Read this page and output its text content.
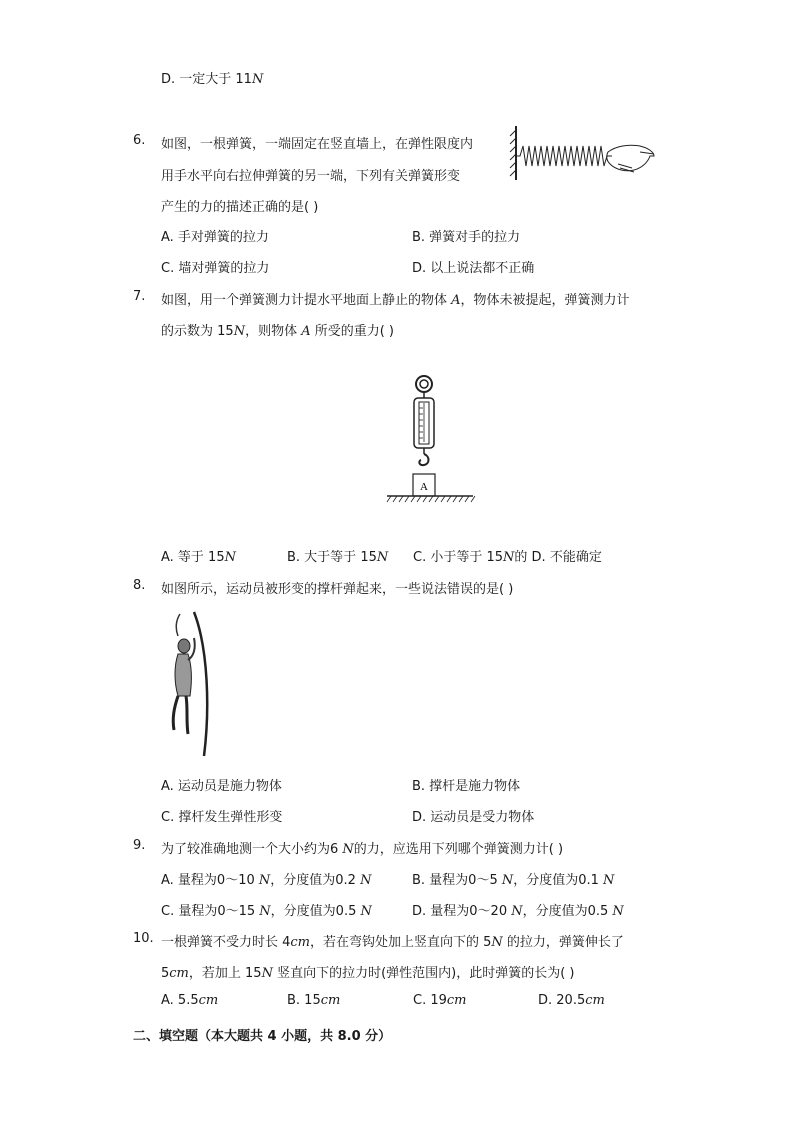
D. 一定大于 11N
6. 如图，一根弹簧，一端固定在竖直墙上，在弹性限度内
用手水平向右拉伸弹簧的另一端，下列有关弹簧形变
产生的力的描述正确的是( )
A. 手对弹簧的拉力	B. 弹簧对手的拉力
C. 墙对弹簧的拉力	D. 以上说法都不正确
7. 如图，用一个弹簧测力计提水平地面上静止的物体 A，物体未被提起，弹簧测力计
的示数为 15N，则物体 A 所受的重力( )
A
A. 等于 15N	B. 大于等于 15N C. 小于等于 15N的 D. 不能确定
8. 如图所示，运动员被形变的撑杆弹起来，一些说法错误的是( )
A. 运动员是施力物体	B. 撑杆是施力物体
C. 撑杆发生弹性形变	D. 运动员是受力物体
9. 为了较准确地测一个大小约为6 N的力，应选用下列哪个弹簧测力计( )
A. 量程为0～10 N，分度值为0.2 N	B. 量程为0～5 N，分度值为0.1 N
C. 量程为0～15 N，分度值为0.5 N	D. 量程为0～20 N，分度值为0.5 N
10. 一根弹簧不受力时长 4cm，若在弯钩处加上竖直向下的 5N 的拉力，弹簧伸长了
5cm，若加上 15N 竖直向下的拉力时(弹性范围内)，此时弹簧的长为( )
A. 5.5cm	B. 15cm	C. 19cm	D. 20.5cm
二、填空题（本大题共 4 小题，共 8.0 分）
